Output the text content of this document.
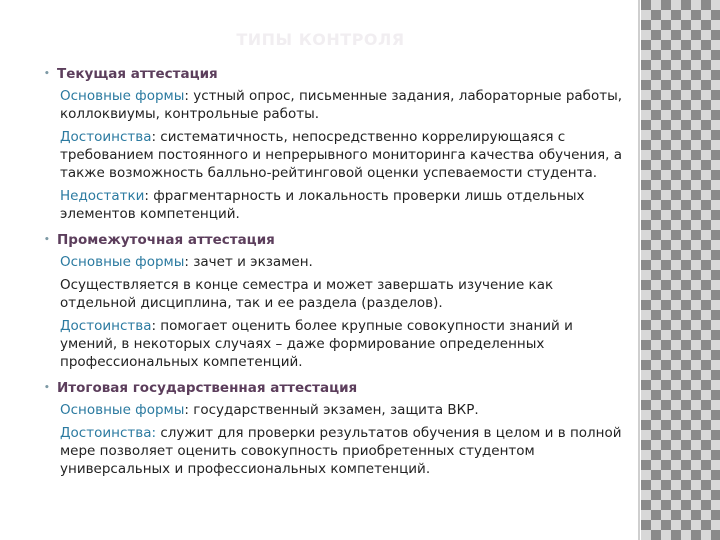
ТИПЫ КОНТРОЛЯ
• Текущая аттестация
Основные формы: устный опрос, письменные задания, лабораторные работы, коллоквиумы, контрольные работы.
Достоинства: систематичность, непосредственно коррелирующаяся с требованием постоянного и непрерывного мониторинга качества обучения, а также возможность балльно-рейтинговой оценки успеваемости студента.
Недостатки: фрагментарность и локальность проверки лишь отдельных элементов компетенций.
• Промежуточная аттестация
Основные формы: зачет и экзамен.
Осуществляется в конце семестра и может завершать изучение как отдельной дисциплина, так и ее раздела (разделов).
Достоинства: помогает оценить более крупные совокупности знаний и умений, в некоторых случаях – даже формирование определенных профессиональных компетенций.
• Итоговая государственная аттестация
Основные формы: государственный экзамен, защита ВКР.
Достоинства: служит для проверки результатов обучения в целом и в полной мере позволяет оценить совокупность приобретенных студентом универсальных и профессиональных компетенций.
